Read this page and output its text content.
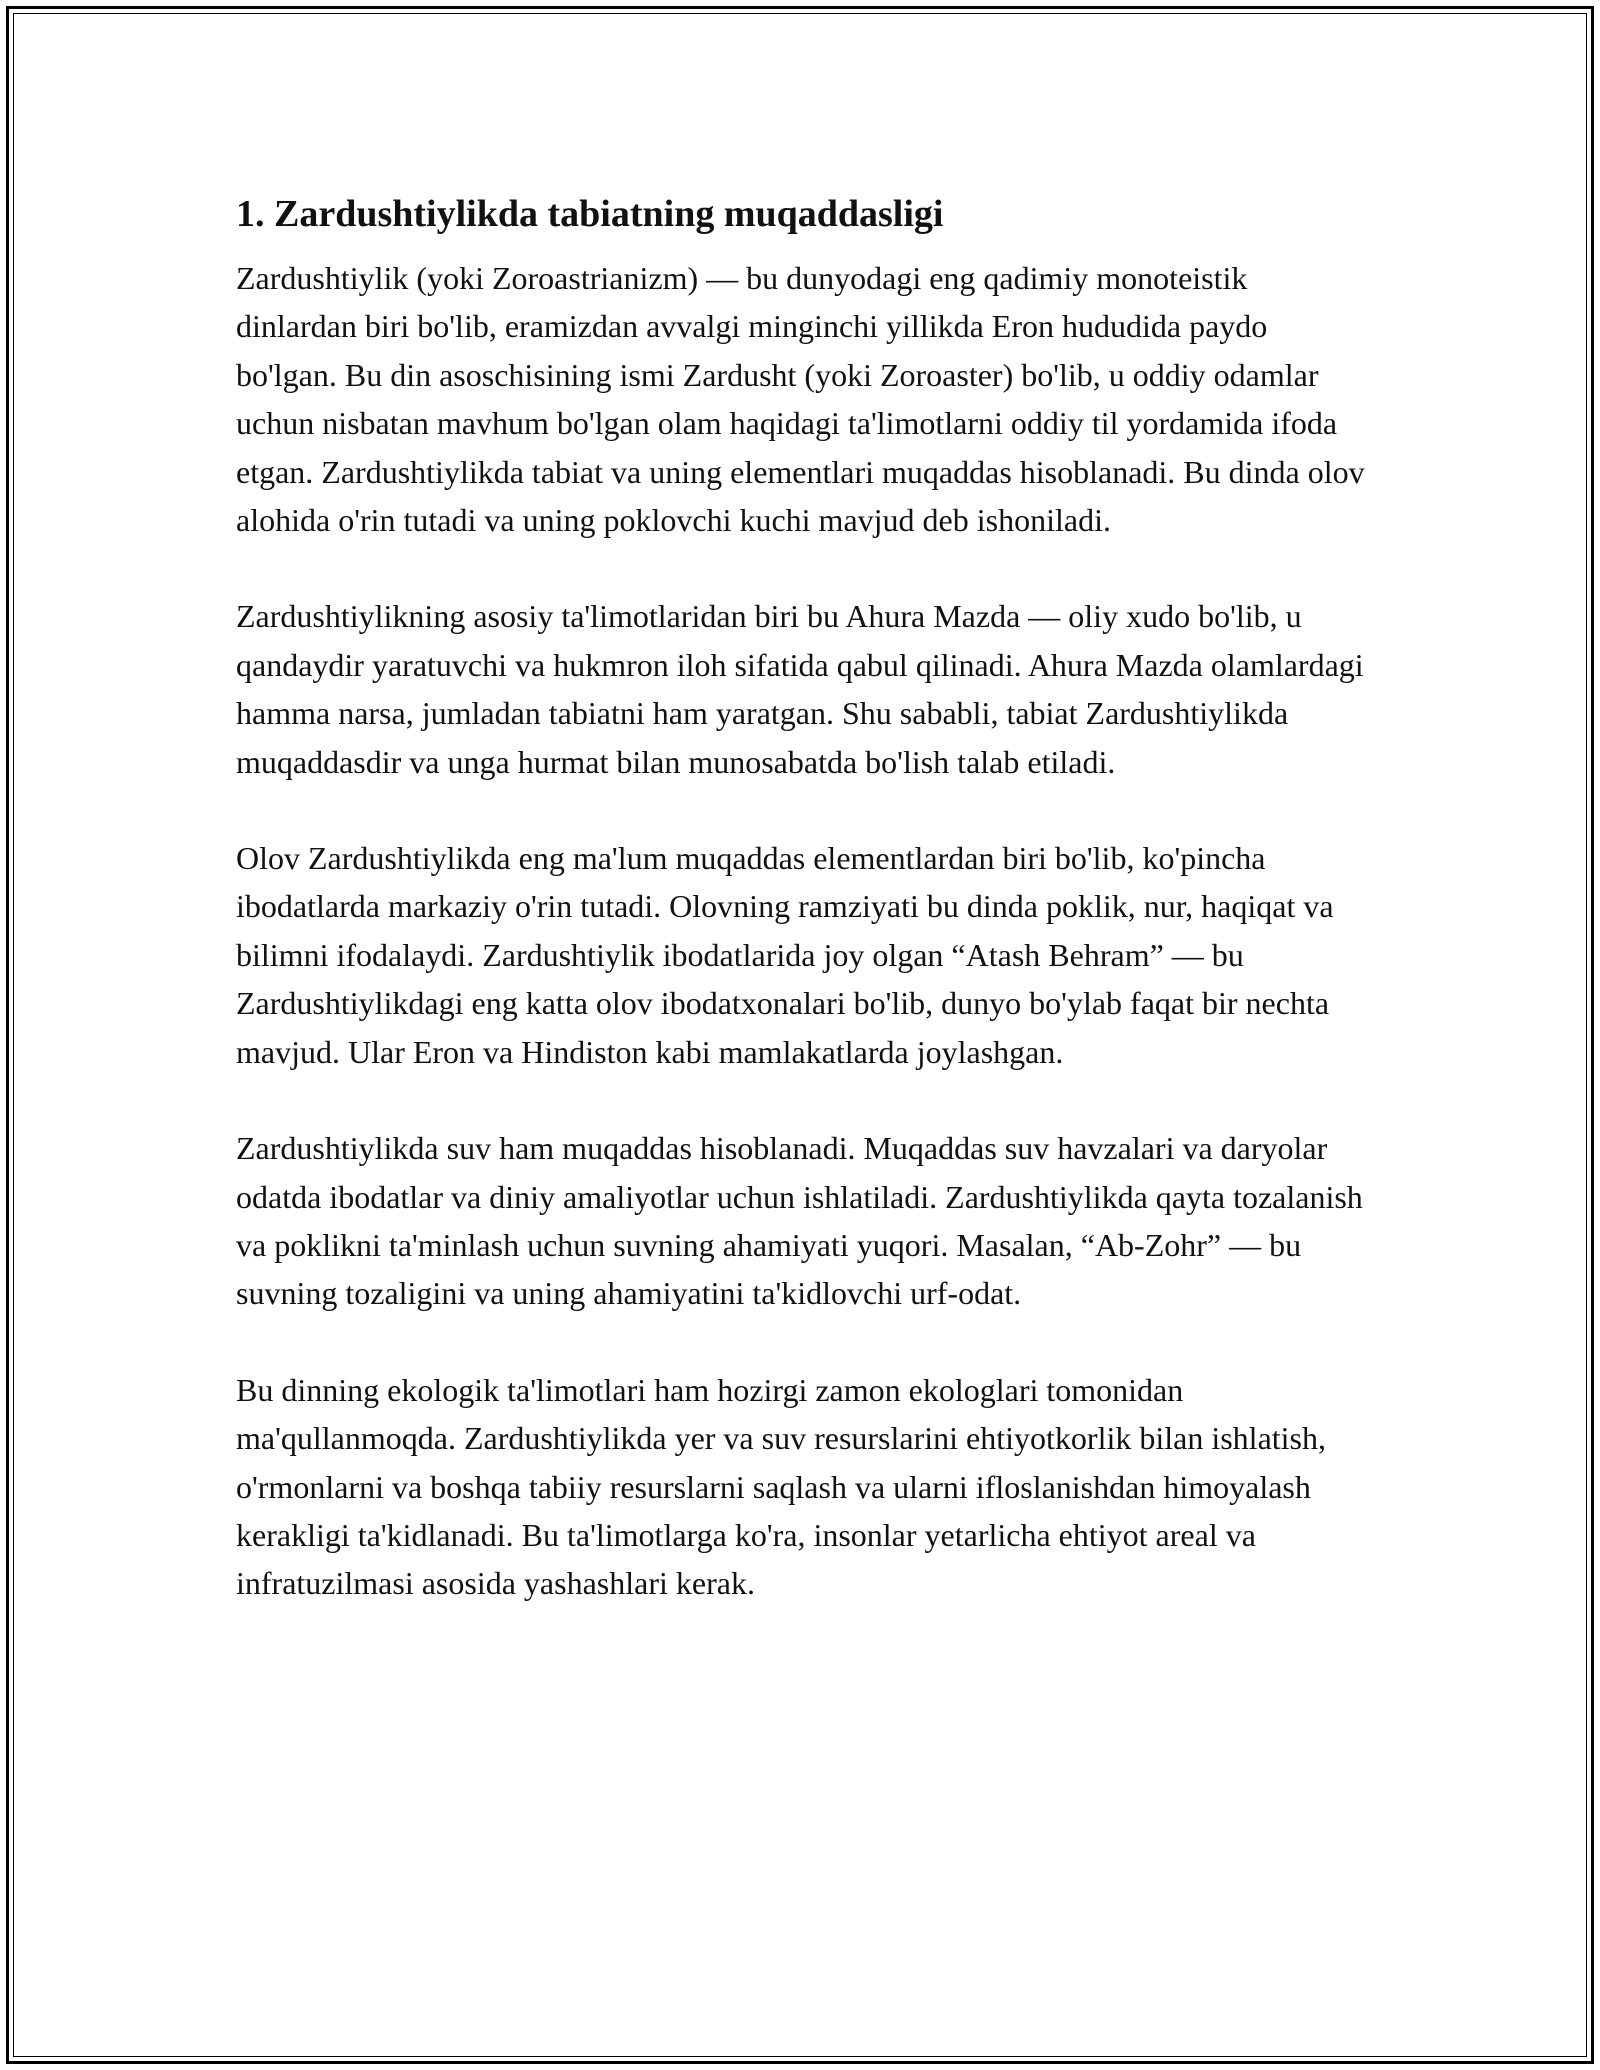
1. Zardushtiylikda tabiatning muqaddasligi

Zardushtiylik (yoki Zoroastrianizm) — bu dunyodagi eng qadimiy monoteistik dinlardan biri bo'lib, eramizdan avvalgi minginchi yillikda Eron hududida paydo bo'lgan. Bu din asoschisining ismi Zardusht (yoki Zoroaster) bo'lib, u oddiy odamlar uchun nisbatan mavhum bo'lgan olam haqidagi ta'limotlarni oddiy til yordamida ifoda etgan. Zardushtiylikda tabiat va uning elementlari muqaddas hisoblanadi. Bu dinda olov alohida o'rin tutadi va uning poklovchi kuchi mavjud deb ishoniladi.

Zardushtiylikning asosiy ta'limotlaridan biri bu Ahura Mazda — oliy xudo bo'lib, u qandaydir yaratuvchi va hukmron iloh sifatida qabul qilinadi. Ahura Mazda olamlardagi hamma narsa, jumladan tabiatni ham yaratgan. Shu sababli, tabiat Zardushtiylikda muqaddasdir va unga hurmat bilan munosabatda bo'lish talab etiladi.

Olov Zardushtiylikda eng ma'lum muqaddas elementlardan biri bo'lib, ko'pincha ibodatlarda markaziy o'rin tutadi. Olovning ramziyati bu dinda poklik, nur, haqiqat va bilimni ifodalaydi. Zardushtiylik ibodatlarida joy olgan “Atash Behram” — bu Zardushtiylikdagi eng katta olov ibodatxonalari bo'lib, dunyo bo'ylab faqat bir nechta mavjud. Ular Eron va Hindiston kabi mamlakatlarda joylashgan.

Zardushtiylikda suv ham muqaddas hisoblanadi. Muqaddas suv havzalari va daryolar odatda ibodatlar va diniy amaliyotlar uchun ishlatiladi. Zardushtiylikda qayta tozalanish va poklikni ta'minlash uchun suvning ahamiyati yuqori. Masalan, “Ab-Zohr” — bu suvning tozaligini va uning ahamiyatini ta'kidlovchi urf-odat.

Bu dinning ekologik ta'limotlari ham hozirgi zamon ekologlari tomonidan ma'qullanmoqda. Zardushtiylikda yer va suv resurslarini ehtiyotkorlik bilan ishlatish, o'rmonlarni va boshqa tabiiy resurslarni saqlash va ularni ifloslanishdan himoyalash kerakligi ta'kidlanadi. Bu ta'limotlarga ko'ra, insonlar yetarlicha ehtiyot areal va infratuzilmasi asosida yashashlari kerak.
